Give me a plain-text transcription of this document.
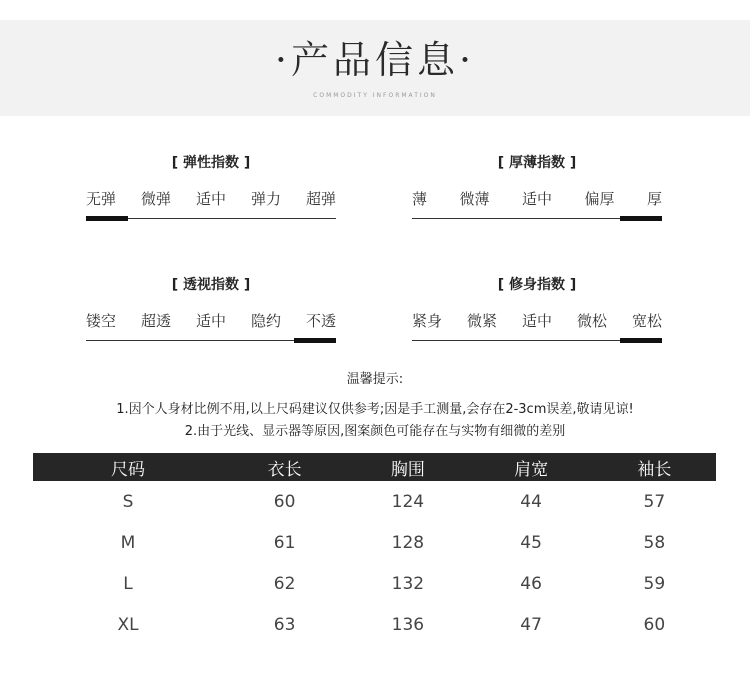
·产品信息·
COMMODITY INFORMATION
[ 弹性指数 ]
无弹 微弹 适中 弹力 超弹
[ 厚薄指数 ]
薄 微薄 适中 偏厚 厚
[ 透视指数 ]
镂空 超透 适中 隐约 不透
[ 修身指数 ]
紧身 微紧 适中 微松 宽松
温馨提示:
1.因个人身材比例不用,以上尺码建议仅供参考;因是手工测量,会存在2-3cm误差,敬请见谅!
2.由于光线、显示器等原因,图案颜色可能存在与实物有细微的差别
尺码	衣长	胸围	肩宽	袖长
S	60	124	44	57
M	61	128	45	58
L	62	132	46	59
XL	63	136	47	60
